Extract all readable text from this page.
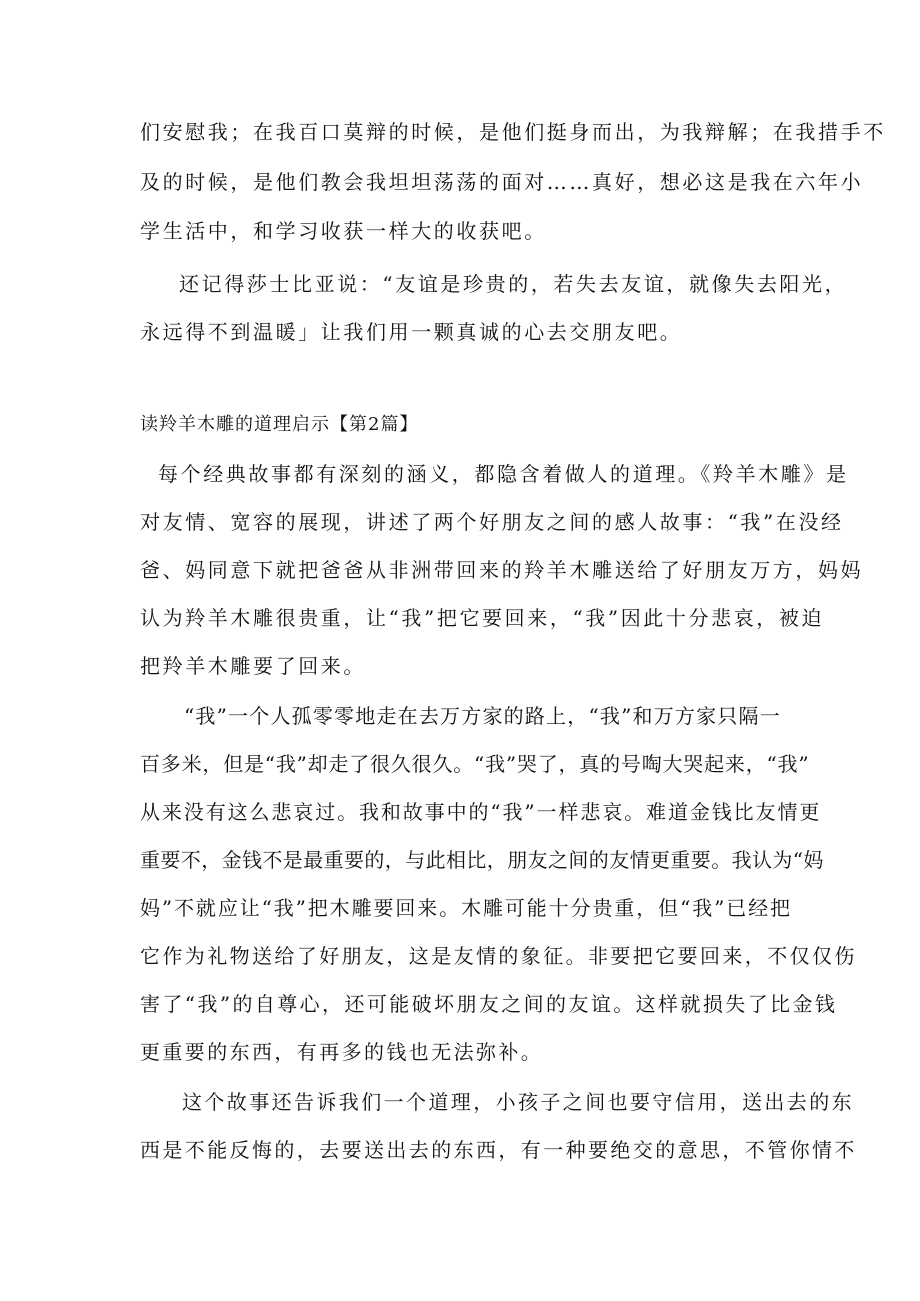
们安慰我；在我百口莫辩的时候，是他们挺身而出，为我辩解；在我措手不
及的时候，是他们教会我坦坦荡荡的面对……真好，想必这是我在六年小
学生活中，和学习收获一样大的收获吧。
还记得莎士比亚说：“友谊是珍贵的，若失去友谊，就像失去阳光，
永远得不到温暖」让我们用一颗真诚的心去交朋友吧。
读羚羊木雕的道理启示【第2篇】
每个经典故事都有深刻的涵义，都隐含着做人的道理。《羚羊木雕》是
对友情、宽容的展现，讲述了两个好朋友之间的感人故事：“我”在没经
爸、妈同意下就把爸爸从非洲带回来的羚羊木雕送给了好朋友万方，妈妈
认为羚羊木雕很贵重，让“我”把它要回来，“我”因此十分悲哀，被迫
把羚羊木雕要了回来。
“我”一个人孤零零地走在去万方家的路上，“我”和万方家只隔一
百多米，但是“我”却走了很久很久。“我”哭了，真的号啕大哭起来，“我”
从来没有这么悲哀过。我和故事中的“我”一样悲哀。难道金钱比友情更
重要不，金钱不是最重要的，与此相比，朋友之间的友情更重要。我认为“妈
妈”不就应让“我”把木雕要回来。木雕可能十分贵重，但“我”已经把
它作为礼物送给了好朋友，这是友情的象征。非要把它要回来，不仅仅伤
害了“我”的自尊心，还可能破坏朋友之间的友谊。这样就损失了比金钱
更重要的东西，有再多的钱也无法弥补。
这个故事还告诉我们一个道理，小孩子之间也要守信用，送出去的东
西是不能反悔的，去要送出去的东西，有一种要绝交的意思，不管你情不
